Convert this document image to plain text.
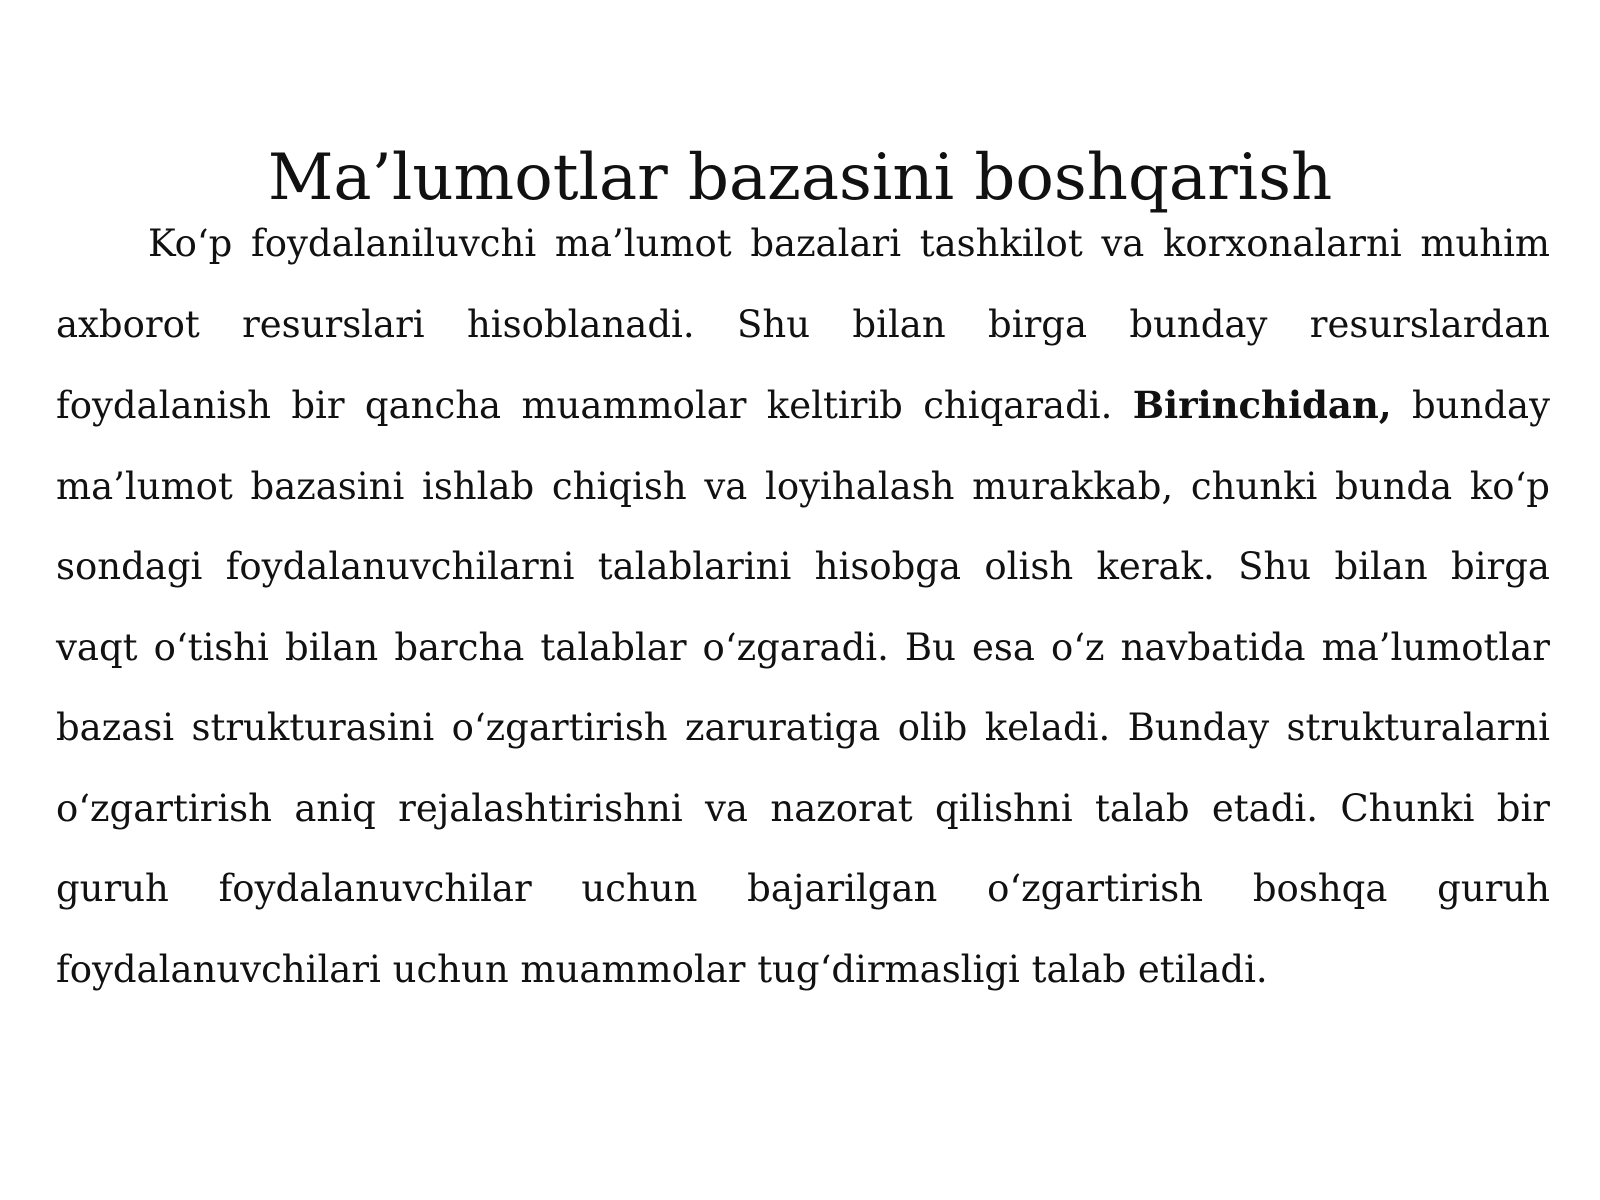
Ma’lumotlar bazasini boshqarish

Ko‘p foydalaniluvchi ma’lumot bazalari tashkilot va korxonalarni muhim axborot resurslari hisoblanadi. Shu bilan birga bunday resurslardan foydalanish bir qancha muammolar keltirib chiqaradi. Birinchidan, bunday ma’lumot bazasini ishlab chiqish va loyihalash murakkab, chunki bunda ko‘p sondagi foydalanuvchilarni talablarini hisobga olish kerak. Shu bilan birga vaqt o‘tishi bilan barcha talablar o‘zgaradi. Bu esa o‘z navbatida ma’lumotlar bazasi strukturasini o‘zgartirish zaruratiga olib keladi. Bunday strukturalarni o‘zgartirish aniq rejalashtirishni va nazorat qilishni talab etadi. Chunki bir guruh foydalanuvchilar uchun bajarilgan o‘zgartirish boshqa guruh foydalanuvchilari uchun muammolar tug‘dirmasligi talab etiladi.
